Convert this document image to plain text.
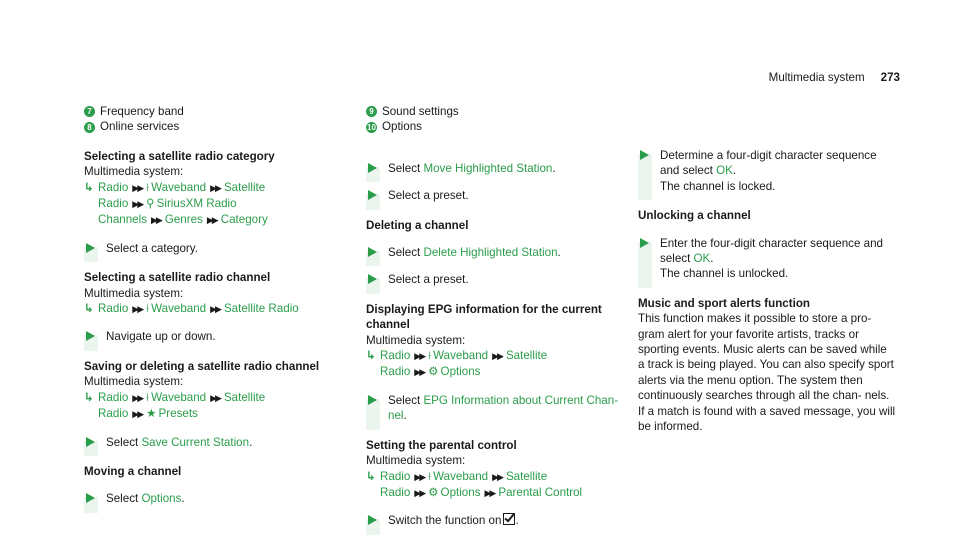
Multimedia system 273
7 Frequency band
8 Online services
Selecting a satellite radio category
Multimedia system:
↳ Radio ▶▶ ⟊ Waveband ▶▶ Satellite Radio ▶▶ ⚲ SiriusXM Radio Channels ▶▶ Genres ▶▶ Category
Select a category.
Selecting a satellite radio channel
Multimedia system:
↳ Radio ▶▶ ⟊ Waveband ▶▶ Satellite Radio
Navigate up or down.
Saving or deleting a satellite radio channel
Multimedia system:
↳ Radio ▶▶ ⟊ Waveband ▶▶ Satellite Radio ▶▶ ★ Presets
Select Save Current Station.
Moving a channel
Select Options.
9 Sound settings
10 Options
Select Move Highlighted Station.
Select a preset.
Deleting a channel
Select Delete Highlighted Station.
Select a preset.
Displaying EPG information for the current channel
Multimedia system:
↳ Radio ▶▶ ⟊ Waveband ▶▶ Satellite Radio ▶▶ ⚙ Options
Select EPG Information about Current Chan- nel.
Setting the parental control
Multimedia system:
↳ Radio ▶▶ ⟊ Waveband ▶▶ Satellite Radio ▶▶ ⚙ Options ▶▶ Parental Control
Switch the function on .
Determine a four-digit character sequence and select OK.
The channel is locked.
Unlocking a channel
Enter the four-digit character sequence and select OK.
The channel is unlocked.
Music and sport alerts function
This function makes it possible to store a pro- gram alert for your favorite artists, tracks or sporting events. Music alerts can be saved while a track is being played. You can also specify sport alerts via the menu option. The system then continuously searches through all the chan- nels. If a match is found with a saved message, you will be informed.
